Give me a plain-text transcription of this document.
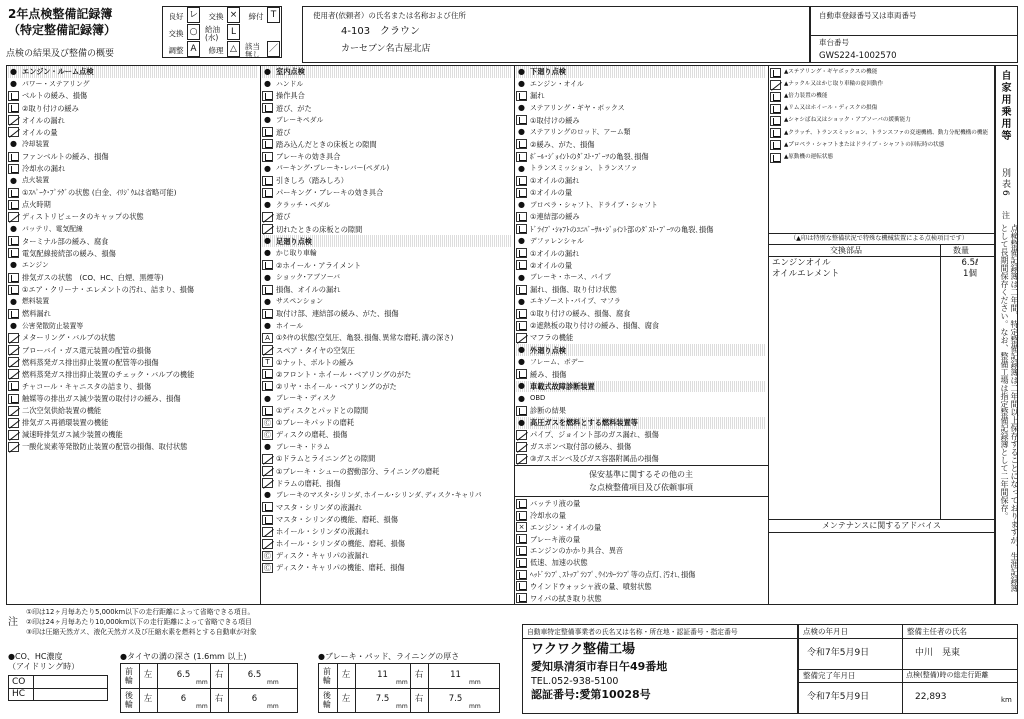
2年点検整備記録簿
（特定整備記録簿）
点検の結果及び整備の概要
良好 レ	交換 ×	締付 T
交換 ○	給油(水)
L
調整 A	修理 △	該当無し
／
使用者(依頼者）の氏名または名称および住所
4-103　クラウン
カーセブン名古屋北店
自動車登録番号又は車両番号
車台番号
GWS224-1002570
● エンジン・ルーム点検
● パワー・ステアリング
ベルトの緩み、損傷
②取り付けの緩み
オイルの漏れ
オイルの量
● 冷却装置
ファンベルトの緩み、損傷
冷却水の漏れ
● 点火装置
①ｽﾊﾟｰｸ･ﾌﾟﾗｸﾞの状態 (白金、ｲﾘｼﾞｳﾑは省略可能)
点火時期
ディストリビュータのキャップの状態
● バッテリ、電気配線
ターミナル部の緩み、腐食
電気配線接続部の緩み、損傷
● エンジン
排気ガスの状態　(CO、HC、白煙、黒煙等)
①エア・クリーナ・エレメントの汚れ、詰まり、損傷
● 燃料装置
燃料漏れ
● 公害発散防止装置等
メターリング・バルブの状態
ブローバイ・ガス還元装置の配管の損傷
燃料蒸発ガス排出抑止装置の配管等の損傷
燃料蒸発ガス排出抑止装置のチェック・バルブの機能
チャコール・キャニスタの詰まり、損傷
触媒等の排出ガス減少装置の取付けの緩み、損傷
二次空気供給装置の機能
排気ガス再循環装置の機能
減速時排気ガス減少装置の機能
一酸化炭素等発散防止装置の配管の損傷、取付状態
● 室内点検
● ハンドル
操作具合
遊び、がた
● ブレーキペダル
遊び
踏み込んだときの床板との隙間
ブレーキの効き具合
● パーキング･ブレーキ･レバー(ペダル)
引きしろ（踏みしろ）
パーキング・ブレーキの効き具合
● クラッチ・ペダル
遊び
切れたときの床板との隙間
● 足廻り点検
● かじ取り車輪
②ホイール・アライメント
● ショック･アブソーバ
損傷、オイルの漏れ
● サスペンション
取付け部、連結部の緩み、がた、損傷
● ホイール
A ①ﾀｲﾔの状態(空気圧、亀裂､損傷､異常な磨耗､溝の深さ)
スペア・タイヤの空気圧
T ①ナット、ボルトの緩み
②フロント・ホイール・ベアリングのがた
②リヤ・ホイール・ベアリングのがた
● ブレーキ・ディスク
①ディスクとパッドとの隙間
Ⓒ ①ブレーキパッドの磨耗
Ⓒ ディスクの磨耗、損傷
● ブレーキ・ドラム
①ドラムとライニングとの隙間
①ブレーキ・シューの摺動部分、ライニングの磨耗
ドラムの磨耗、損傷
● ブレーキのマスタ･シリンダ､ホイール･シリンダ､ディスク･キャリパ
マスタ・シリンダの液漏れ
マスタ・シリンダの機能、磨耗、損傷
ホイール・シリンダの液漏れ
ホイール・シリンダの機能、磨耗、損傷
Ⓒ ディスク・キャリパの液漏れ
Ⓒ ディスク・キャリパの機能、磨耗、損傷
● 下廻り点検
● エンジン・オイル
漏れ
● ステアリング・ギヤ・ボックス
①取付けの緩み
● ステアリングのロッド、アーム類
②緩み、がた、損傷
ﾎﾞｰﾙ･ｼﾞｮｲﾝﾄのﾀﾞｽﾄ･ﾌﾞｰﾂの亀裂､損傷
● トランスミッション、トランスファ
①オイルの漏れ
①オイルの量
● プロペラ・シャフト、ドライブ・シャフト
①連結部の緩み
ﾄﾞﾗｲﾌﾞ･ｼｬﾌﾄのﾕﾆﾊﾞｰｻﾙ･ｼﾞｮｲﾝﾄ部のﾀﾞｽﾄ･ﾌﾞｰﾂの亀裂､損傷
● デファレンシャル
①オイルの漏れ
②オイルの量
● ブレーキ・ホース、パイプ
漏れ、損傷、取り付け状態
● エキゾースト･パイプ、マフラ
①取り付けの緩み、損傷、腐食
②遮熱板の取り付けの緩み、損傷、腐食
マフラの機能
● 外廻り点検
● フレーム、ボデー
緩み、損傷
● 車載式故障診断装置
● OBD
診断の結果
● 高圧ガスを燃料とする燃料装置等
パイプ、ジョイント部のガス漏れ、損傷
ガスボンベ取付部の緩み、損傷
③ガスボンベ及びガス容器附属品の損傷
バッテリ液の量
冷却水の量
× エンジン・オイルの量
ブレーキ液の量
エンジンのかかり具合、異音
低速、加速の状態
ﾍｯﾄﾞﾗﾝﾌﾟ､ｽﾄｯﾌﾟﾗﾝﾌﾟ､ｳｲﾝｶｰﾗﾝﾌﾟ等の点灯､汚れ､損傷
ウインドウォッシャ液の量、噴射状態
ワイパの拭き取り状態
▲ステアリング・ギヤボックスの機能
▲ナックル又はかじ取り車輪の旋回動作
▲倍力装置の機能
▲リム又はホイール・ディスクの損傷
▲シャシばね又はショック・アブソーバの緩衝能力
▲クラッチ、トランスミッション、トランスファの変速機構、動力分配機構の機能
▲プロペラ・シャフトまたはドライブ・シャフトの回転時の状態
▲原動機の運転状態
保安基準に関するその他の主
な点検整備項目及び依頼事項
（▲印は特別な整備状況で特殊な機械装置による点検項目です）
交換部品	数量
エンジンオイル	6.5ℓ
オイルエレメント	1個
メンテナンスに関するアドバイス
自家用乗用等
別表6
注
点検整備記録簿は二年間、特定整備記録簿は二年間以上保存することになっておりますが、生涯記録簿として長期間保存ください。なお、整備工場は指定整備記録簿として二年間保存。
注
①印は12ヶ月毎あたり5,000km以下の走行距離によって省略できる項目。
②印は24ヶ月毎あたり10,000km以下の走行距離によって省略できる項目
③印は圧縮天然ガス、液化天然ガス及び圧縮水素を燃料とする自動車が対象
●CO、HC濃度
（アイドリング時）
CO
HC
●タイヤの溝の深さ (1.6mm 以上)
前輪
左	6.5
mm
右	6.5
mm
後輪
左	6
mm
右	6
mm
●ブレーキ・パッド、ライニングの厚さ
前輪
左	11
mm
右	11
mm
後輪
左	7.5
mm
右	7.5
mm
自動車特定整備事業者の氏名又は名称・所在地・認証番号・指定番号
ワクワク整備工場
愛知県清須市春日午49番地
TEL.052-938-5100
認証番号:愛第10028号
点検の年月日
令和7年5月9日
整備主任者の氏名
中川　晃東
整備完了年月日
令和7年5月9日
点検(整備)時の総走行距離
22,893	km
